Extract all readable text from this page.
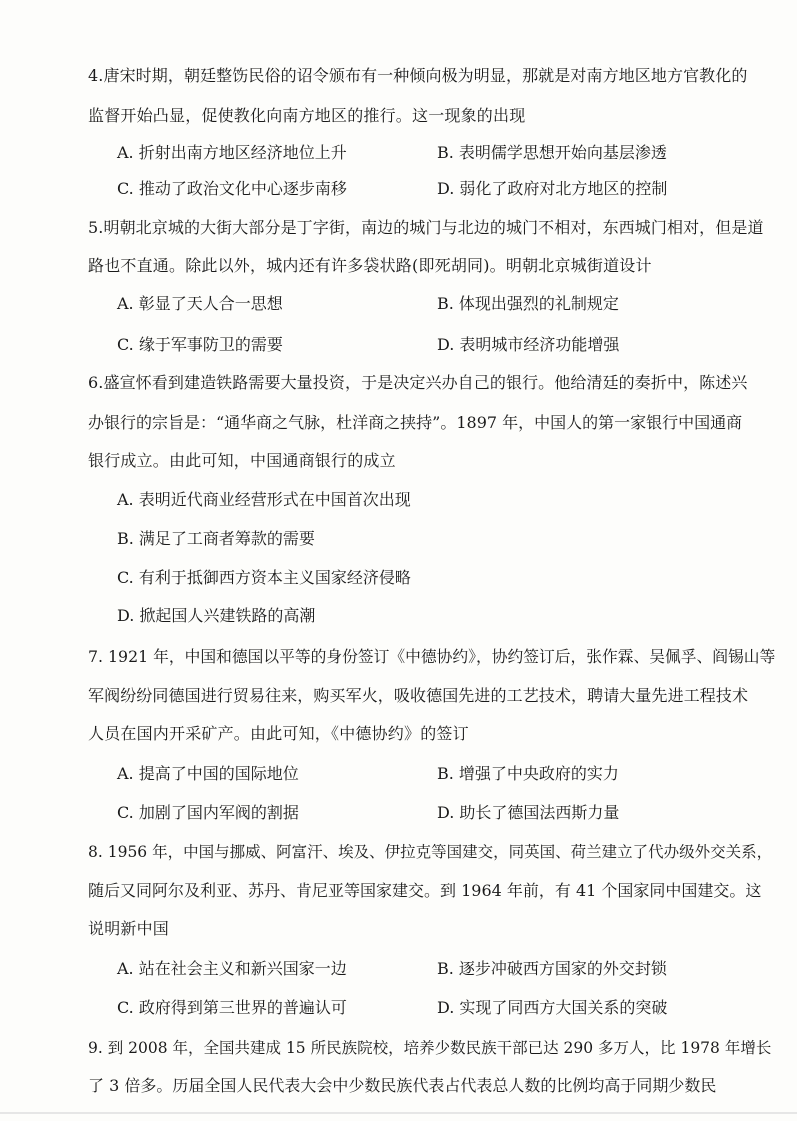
4.唐宋时期，朝廷整饬民俗的诏令颁布有一种倾向极为明显，那就是对南方地区地方官教化的
监督开始凸显，促使教化向南方地区的推行。这一现象的出现
A. 折射出南方地区经济地位上升	B. 表明儒学思想开始向基层渗透
C. 推动了政治文化中心逐步南移	D. 弱化了政府对北方地区的控制
5.明朝北京城的大街大部分是丁字街，南边的城门与北边的城门不相对，东西城门相对，但是道
路也不直通。除此以外，城内还有许多袋状路(即死胡同)。明朝北京城街道设计
A. 彰显了天人合一思想	B. 体现出强烈的礼制规定
C. 缘于军事防卫的需要	D. 表明城市经济功能增强
6.盛宣怀看到建造铁路需要大量投资，于是决定兴办自己的银行。他给清廷的奏折中，陈述兴
办银行的宗旨是：“通华商之气脉，杜洋商之挟持”。1897 年，中国人的第一家银行中国通商
银行成立。由此可知，中国通商银行的成立
A. 表明近代商业经营形式在中国首次出现
B. 满足了工商者筹款的需要
C. 有利于抵御西方资本主义国家经济侵略
D. 掀起国人兴建铁路的高潮
7. 1921 年，中国和德国以平等的身份签订《中德协约》，协约签订后，张作霖、吴佩孚、阎锡山等
军阀纷纷同德国进行贸易往来，购买军火，吸收德国先进的工艺技术，聘请大量先进工程技术
人员在国内开采矿产。由此可知，《中德协约》的签订
A. 提高了中国的国际地位	B. 增强了中央政府的实力
C. 加剧了国内军阀的割据	D. 助长了德国法西斯力量
8. 1956 年，中国与挪威、阿富汗、埃及、伊拉克等国建交，同英国、荷兰建立了代办级外交关系，
随后又同阿尔及利亚、苏丹、肯尼亚等国家建交。到 1964 年前，有 41 个国家同中国建交。这
说明新中国
A. 站在社会主义和新兴国家一边	B. 逐步冲破西方国家的外交封锁
C. 政府得到第三世界的普遍认可	D. 实现了同西方大国关系的突破
9. 到 2008 年，全国共建成 15 所民族院校，培养少数民族干部已达 290 多万人，比 1978 年增长
了 3 倍多。历届全国人民代表大会中少数民族代表占代表总人数的比例均高于同期少数民
